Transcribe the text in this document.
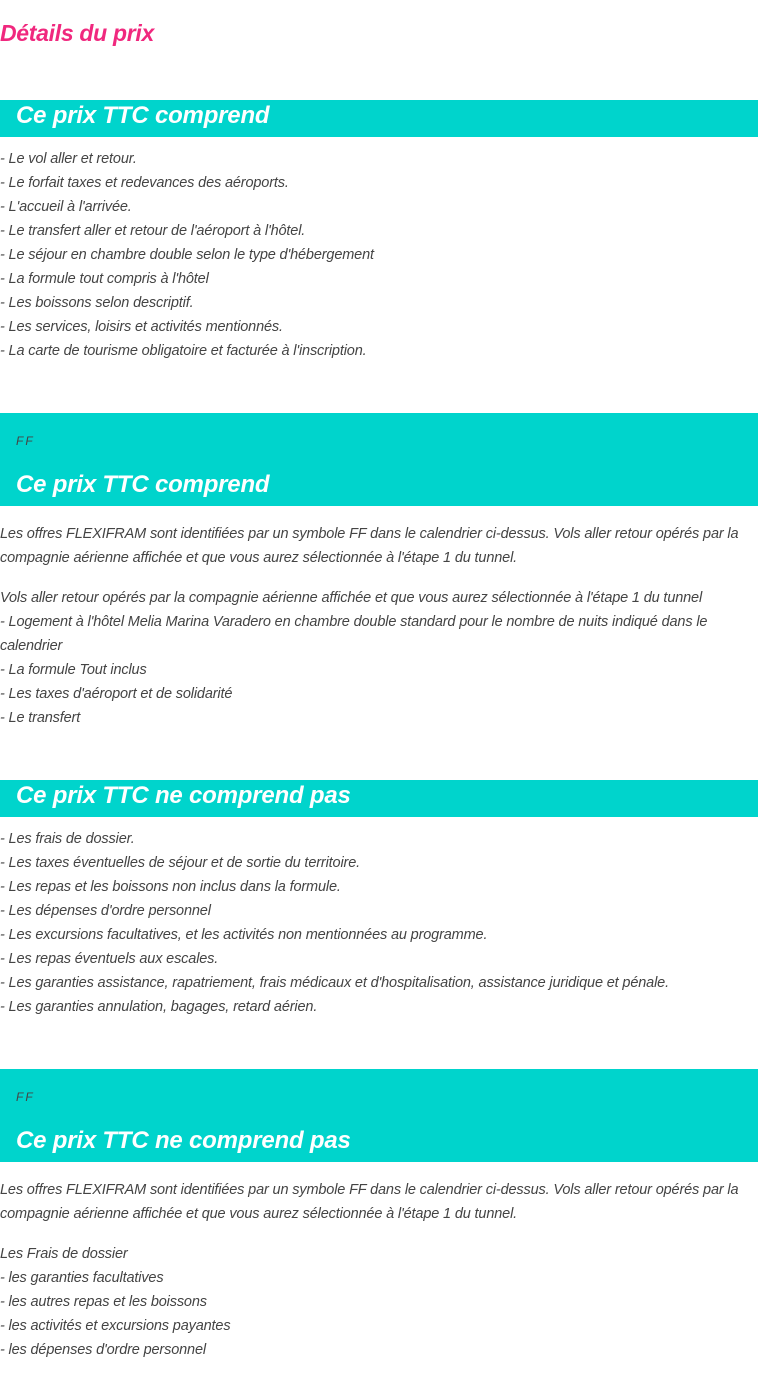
Détails du prix
Ce prix TTC comprend
- Le vol aller et retour.
- Le forfait taxes et redevances des aéroports.
- L'accueil à l'arrivée.
- Le transfert aller et retour de l'aéroport à l'hôtel.
- Le séjour en chambre double selon le type d'hébergement
- La formule tout compris à l'hôtel
- Les boissons selon descriptif.
- Les services, loisirs et activités mentionnés.
- La carte de tourisme obligatoire et facturée à l'inscription.
FF
Ce prix TTC comprend

Les offres FLEXIFRAM sont identifiées par un symbole FF dans le calendrier ci-dessus. Vols aller retour opérés par la compagnie aérienne affichée et que vous aurez sélectionnée à l'étape 1 du tunnel.

Vols aller retour opérés par la compagnie aérienne affichée et que vous aurez sélectionnée à l'étape 1 du tunnel
- Logement à l'hôtel Melia Marina Varadero en chambre double standard pour le nombre de nuits indiqué dans le calendrier
- La formule Tout inclus
- Les taxes d'aéroport et de solidarité
- Le transfert
Ce prix TTC ne comprend pas
- Les frais de dossier.
- Les taxes éventuelles de séjour et de sortie du territoire.
- Les repas et les boissons non inclus dans la formule.
- Les dépenses d'ordre personnel
- Les excursions facultatives, et les activités non mentionnées au programme.
- Les repas éventuels aux escales.
- Les garanties assistance, rapatriement, frais médicaux et d'hospitalisation, assistance juridique et pénale.
- Les garanties annulation, bagages, retard aérien.
FF
Ce prix TTC ne comprend pas

Les offres FLEXIFRAM sont identifiées par un symbole FF dans le calendrier ci-dessus. Vols aller retour opérés par la compagnie aérienne affichée et que vous aurez sélectionnée à l'étape 1 du tunnel.

Les Frais de dossier
- les garanties facultatives
- les autres repas et les boissons
- les activités et excursions payantes
- les dépenses d'ordre personnel
